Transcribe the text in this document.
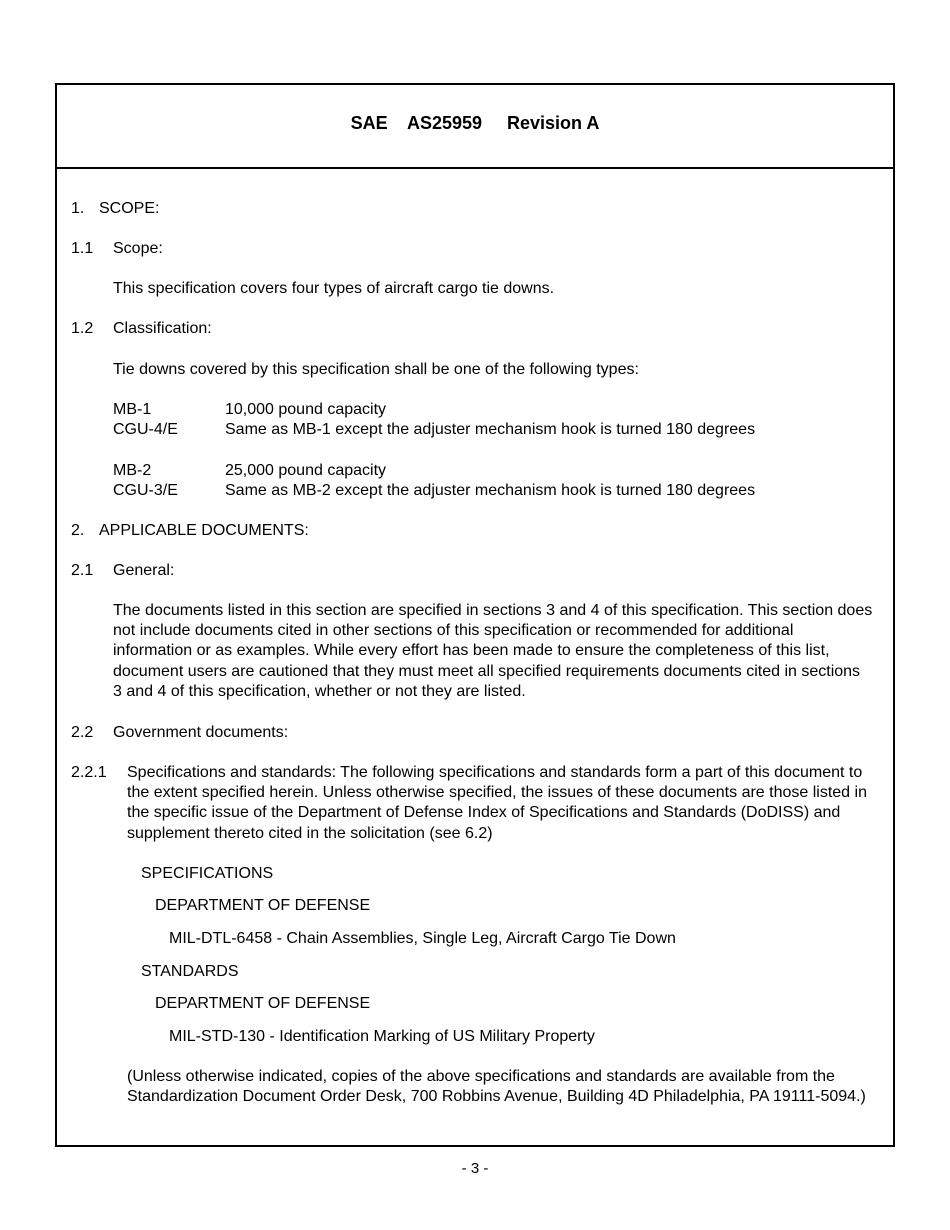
SAE    AS25959     Revision A
1. SCOPE:
1.1 Scope:
This specification covers four types of aircraft cargo tie downs.
1.2 Classification:
Tie downs covered by this specification shall be one of the following types:
MB-1	10,000 pound capacity
CGU-4/E	Same as MB-1 except the adjuster mechanism hook is turned 180 degrees
MB-2	25,000 pound capacity
CGU-3/E	Same as MB-2 except the adjuster mechanism hook is turned 180 degrees
2. APPLICABLE DOCUMENTS:
2.1 General:
The documents listed in this section are specified in sections 3 and 4 of this specification. This section does not include documents cited in other sections of this specification or recommended for additional information or as examples. While every effort has been made to ensure the completeness of this list, document users are cautioned that they must meet all specified requirements documents cited in sections 3 and 4 of this specification, whether or not they are listed.
2.2 Government documents:
2.2.1 Specifications and standards: The following specifications and standards form a part of this document to the extent specified herein. Unless otherwise specified, the issues of these documents are those listed in the specific issue of the Department of Defense Index of Specifications and Standards (DoDISS) and supplement thereto cited in the solicitation (see 6.2)
SPECIFICATIONS
DEPARTMENT OF DEFENSE
MIL-DTL-6458 - Chain Assemblies, Single Leg, Aircraft Cargo Tie Down
STANDARDS
DEPARTMENT OF DEFENSE
MIL-STD-130 - Identification Marking of US Military Property
(Unless otherwise indicated, copies of the above specifications and standards are available from the Standardization Document Order Desk, 700 Robbins Avenue, Building 4D Philadelphia, PA 19111-5094.)
- 3 -
